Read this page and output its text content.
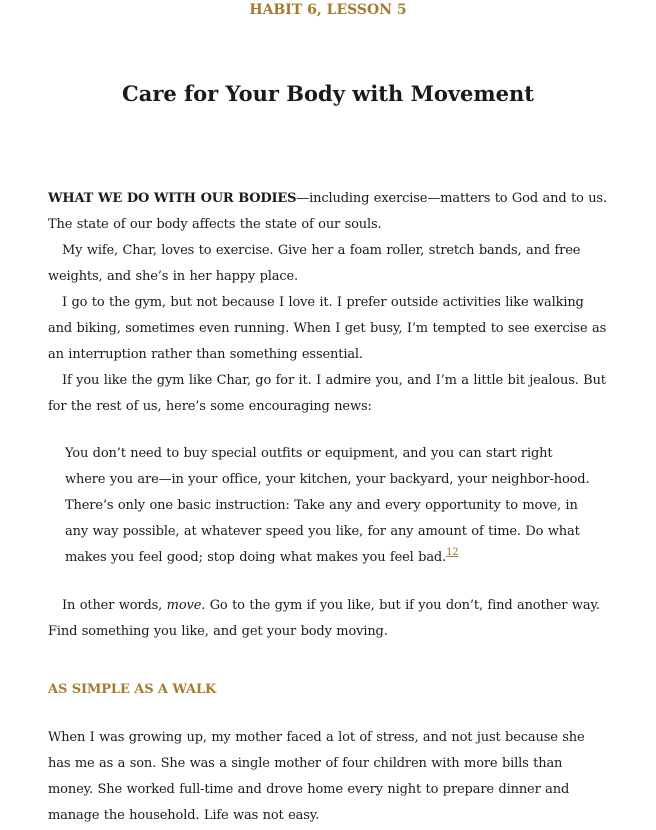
HABIT 6, LESSON 5
Care for Your Body with Movement

WHAT WE DO WITH OUR BODIES—including exercise—matters to God and to us. The state of our body affects the state of our souls.

My wife, Char, loves to exercise. Give her a foam roller, stretch bands, and free weights, and she’s in her happy place.

I go to the gym, but not because I love it. I prefer outside activities like walking and biking, sometimes even running. When I get busy, I’m tempted to see exercise as an interruption rather than something essential.

If you like the gym like Char, go for it. I admire you, and I’m a little bit jealous. But for the rest of us, here’s some encouraging news:

You don’t need to buy special outfits or equipment, and you can start right where you are—in your office, your kitchen, your backyard, your neighbor-hood. There’s only one basic instruction: Take any and every opportunity to move, in any way possible, at whatever speed you like, for any amount of time. Do what makes you feel good; stop doing what makes you feel bad.$^{12}$

In other words, move. Go to the gym if you like, but if you don’t, find another way. Find something you like, and get your body moving.

AS SIMPLE AS A WALK

When I was growing up, my mother faced a lot of stress, and not just because she has me as a son. She was a single mother of four children with more bills than money. She worked full-time and drove home every night to prepare dinner and manage the household. Life was not easy.
